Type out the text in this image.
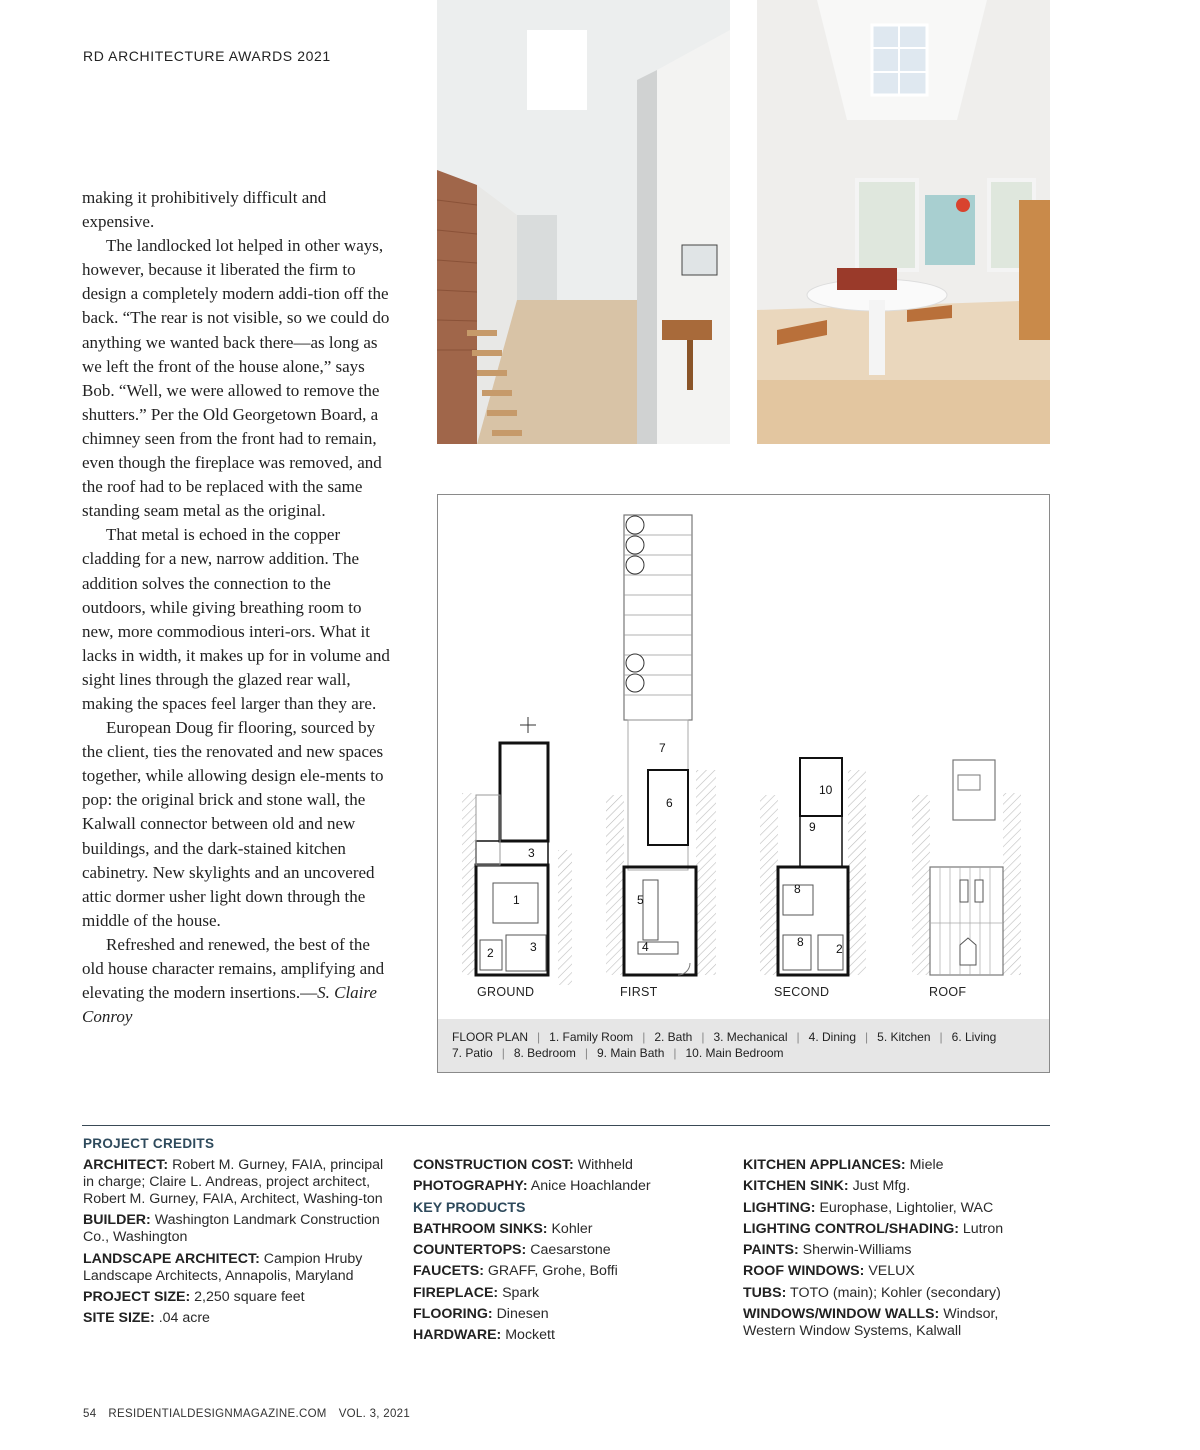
RD ARCHITECTURE AWARDS 2021

making it prohibitively difficult and expensive.

The landlocked lot helped in other ways, however, because it liberated the firm to design a completely modern addi-tion off the back. “The rear is not visible, so we could do anything we wanted back there—as long as we left the front of the house alone,” says Bob. “Well, we were allowed to remove the shutters.” Per the Old Georgetown Board, a chimney seen from the front had to remain, even though the fireplace was removed, and the roof had to be replaced with the same standing seam metal as the original.

That metal is echoed in the copper cladding for a new, narrow addition. The addition solves the connection to the outdoors, while giving breathing room to new, more commodious interi-ors. What it lacks in width, it makes up for in volume and sight lines through the glazed rear wall, making the spaces feel larger than they are.

European Doug fir flooring, sourced by the client, ties the renovated and new spaces together, while allowing design ele-ments to pop: the original brick and stone wall, the Kalwall connector between old and new buildings, and the dark-stained kitchen cabinetry. New skylights and an uncovered attic dormer usher light down through the middle of the house.

Refreshed and renewed, the best of the old house character remains, amplifying and elevating the modern insertions.—S. Claire Conroy

3
1
3
2
7
6
5
4
10
9
8
8	2
GROUND	FIRST	SECOND	ROOF
FLOOR PLAN | 1. Family Room | 2. Bath | 3. Mechanical | 4. Dining | 5. Kitchen | 6. Living
7. Patio | 8. Bedroom | 9. Main Bath | 10. Main Bedroom
PROJECT CREDITS
ARCHITECT: Robert M. Gurney, FAIA, principal in charge; Claire L. Andreas, project architect, Robert M. Gurney, FAIA, Architect, Washing-ton
BUILDER: Washington Landmark Construction Co., Washington
LANDSCAPE ARCHITECT: Campion Hruby Landscape Architects, Annapolis, Maryland
PROJECT SIZE: 2,250 square feet
SITE SIZE: .04 acre
CONSTRUCTION COST: Withheld
PHOTOGRAPHY: Anice Hoachlander
KEY PRODUCTS
BATHROOM SINKS: Kohler
COUNTERTOPS: Caesarstone
FAUCETS: GRAFF, Grohe, Boffi
FIREPLACE: Spark
FLOORING: Dinesen
HARDWARE: Mockett
KITCHEN APPLIANCES: Miele
KITCHEN SINK: Just Mfg.
LIGHTING: Europhase, Lightolier, WAC
LIGHTING CONTROL/SHADING: Lutron
PAINTS: Sherwin-Williams
ROOF WINDOWS: VELUX
TUBS: TOTO (main); Kohler (secondary)
WINDOWS/WINDOW WALLS: Windsor, Western Window Systems, Kalwall
54 RESIDENTIALDESIGNMAGAZINE.COM VOL. 3, 2021
